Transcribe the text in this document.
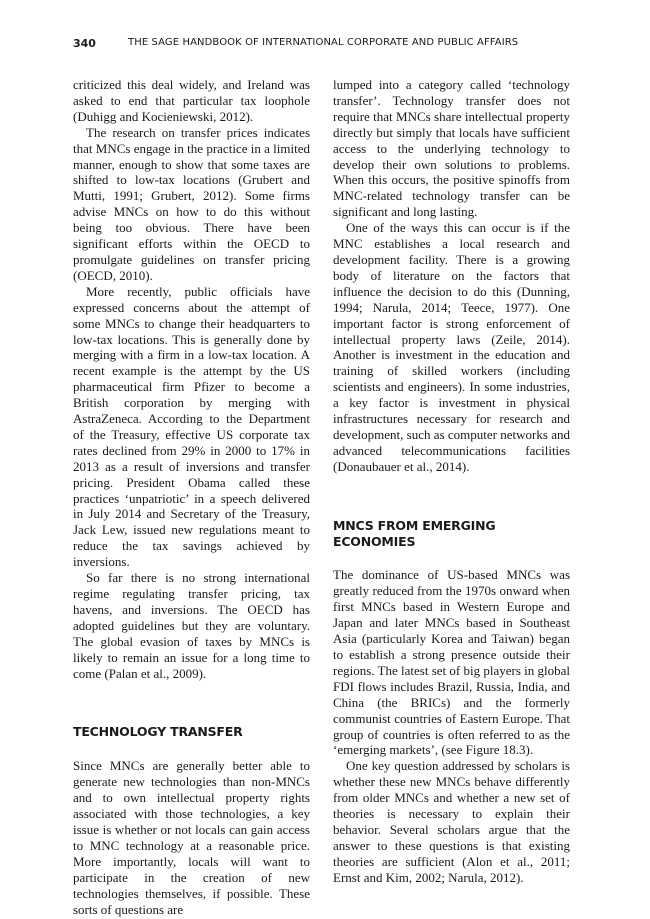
340	THE SAGE HANDBOOK OF INTERNATIONAL CORPORATE AND PUBLIC AFFAIRS

criticized this deal widely, and Ireland was asked to end that particular tax loophole (Duhigg and Kocieniewski, 2012).

The research on transfer prices indicates that MNCs engage in the practice in a limited manner, enough to show that some taxes are shifted to low-tax locations (Grubert and Mutti, 1991; Grubert, 2012). Some firms advise MNCs on how to do this without being too obvious. There have been significant efforts within the OECD to promulgate guidelines on transfer pricing (OECD, 2010).

More recently, public officials have expressed concerns about the attempt of some MNCs to change their headquarters to low-tax locations. This is generally done by merging with a firm in a low-tax location. A recent example is the attempt by the US pharmaceutical firm Pfizer to become a British corporation by merging with AstraZeneca. According to the Department of the Treasury, effective US corporate tax rates declined from 29% in 2000 to 17% in 2013 as a result of inversions and transfer pricing. President Obama called these practices ‘unpatriotic’ in a speech delivered in July 2014 and Secretary of the Treasury, Jack Lew, issued new regulations meant to reduce the tax savings achieved by inversions.

So far there is no strong international regime regulating transfer pricing, tax havens, and inversions. The OECD has adopted guidelines but they are voluntary. The global evasion of taxes by MNCs is likely to remain an issue for a long time to come (Palan et al., 2009).

TECHNOLOGY TRANSFER

Since MNCs are generally better able to generate new technologies than non-MNCs and to own intellectual property rights associated with those technologies, a key issue is whether or not locals can gain access to MNC technology at a reasonable price. More importantly, locals will want to participate in the creation of new technologies themselves, if possible. These sorts of questions are

lumped into a category called ‘technology transfer’. Technology transfer does not require that MNCs share intellectual property directly but simply that locals have sufficient access to the underlying technology to develop their own solutions to problems. When this occurs, the positive spinoffs from MNC-related technology transfer can be significant and long lasting.

One of the ways this can occur is if the MNC establishes a local research and development facility. There is a growing body of literature on the factors that influence the decision to do this (Dunning, 1994; Narula, 2014; Teece, 1977). One important factor is strong enforcement of intellectual property laws (Zeile, 2014). Another is investment in the education and training of skilled workers (including scientists and engineers). In some industries, a key factor is investment in physical infrastructures necessary for research and development, such as computer networks and advanced telecommunications facilities (Donaubauer et al., 2014).

MNCS FROM EMERGING ECONOMIES

The dominance of US-based MNCs was greatly reduced from the 1970s onward when first MNCs based in Western Europe and Japan and later MNCs based in Southeast Asia (particularly Korea and Taiwan) began to establish a strong presence outside their regions. The latest set of big players in global FDI flows includes Brazil, Russia, India, and China (the BRICs) and the formerly communist countries of Eastern Europe. That group of countries is often referred to as the ‘emerging markets’, (see Figure 18.3).

One key question addressed by scholars is whether these new MNCs behave differently from older MNCs and whether a new set of theories is necessary to explain their behavior. Several scholars argue that the answer to these questions is that existing theories are sufficient (Alon et al., 2011; Ernst and Kim, 2002; Narula, 2012).
